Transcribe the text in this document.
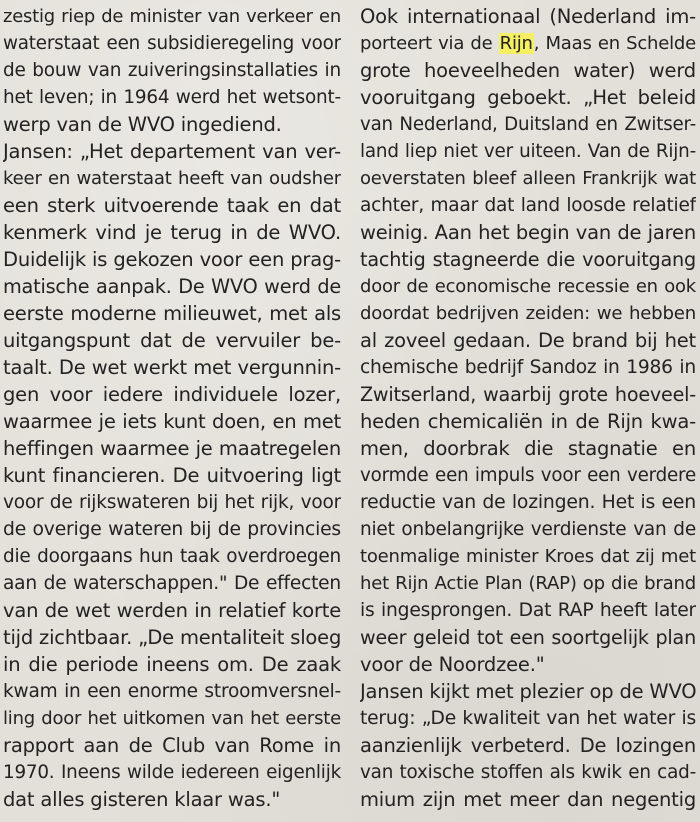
zestig riep de minister van verkeer en
waterstaat een subsidieregeling voor
de bouw van zuiveringsinstallaties in
het leven; in 1964 werd het wetsont-
werp van de WVO ingediend.
Jansen: „Het departement van ver-
keer en waterstaat heeft van oudsher
een sterk uitvoerende taak en dat
kenmerk vind je terug in de WVO.
Duidelijk is gekozen voor een prag-
matische aanpak. De WVO werd de
eerste moderne milieuwet, met als
uitgangspunt dat de vervuiler be-
taalt. De wet werkt met vergunnin-
gen voor iedere individuele lozer,
waarmee je iets kunt doen, en met
heffingen waarmee je maatregelen
kunt financieren. De uitvoering ligt
voor de rijkswateren bij het rijk, voor
de overige wateren bij de provincies
die doorgaans hun taak overdroegen
aan de waterschappen." De effecten
van de wet werden in relatief korte
tijd zichtbaar. „De mentaliteit sloeg
in die periode ineens om. De zaak
kwam in een enorme stroomversnel-
ling door het uitkomen van het eerste
rapport aan de Club van Rome in
1970. Ineens wilde iedereen eigenlijk
dat alles gisteren klaar was."
Ook internationaal (Nederland im-
porteert via de Rijn, Maas en Schelde
grote hoeveelheden water) werd
vooruitgang geboekt. „Het beleid
van Nederland, Duitsland en Zwitser-
land liep niet ver uiteen. Van de Rijn-
oeverstaten bleef alleen Frankrijk wat
achter, maar dat land loosde relatief
weinig. Aan het begin van de jaren
tachtig stagneerde die vooruitgang
door de economische recessie en ook
doordat bedrijven zeiden: we hebben
al zoveel gedaan. De brand bij het
chemische bedrijf Sandoz in 1986 in
Zwitserland, waarbij grote hoeveel-
heden chemicaliën in de Rijn kwa-
men, doorbrak die stagnatie en
vormde een impuls voor een verdere
reductie van de lozingen. Het is een
niet onbelangrijke verdienste van de
toenmalige minister Kroes dat zij met
het Rijn Actie Plan (RAP) op die brand
is ingesprongen. Dat RAP heeft later
weer geleid tot een soortgelijk plan
voor de Noordzee."
Jansen kijkt met plezier op de WVO
terug: „De kwaliteit van het water is
aanzienlijk verbeterd. De lozingen
van toxische stoffen als kwik en cad-
mium zijn met meer dan negentig
